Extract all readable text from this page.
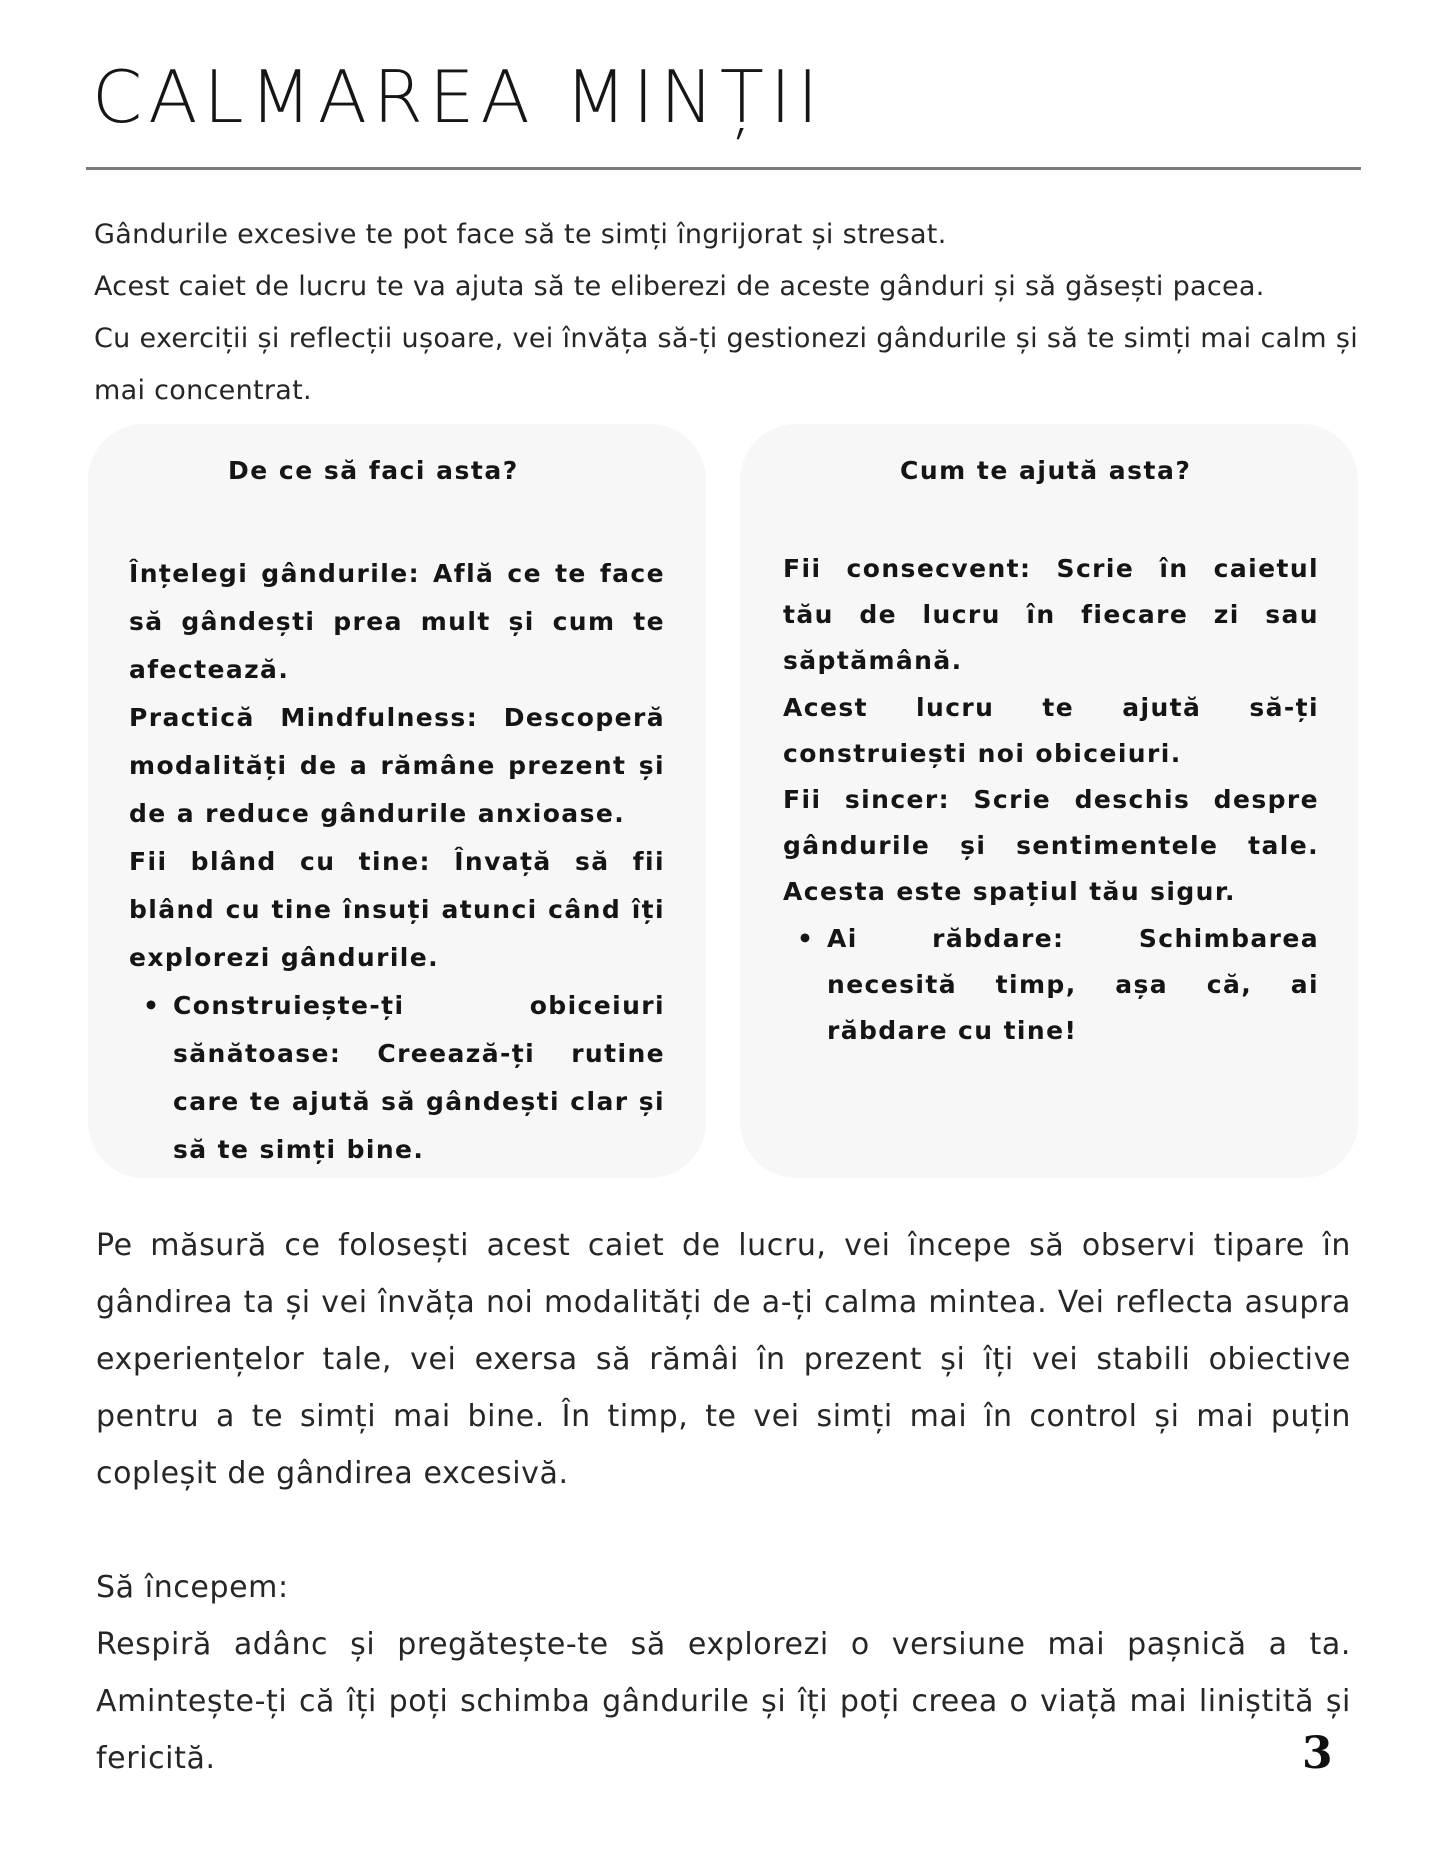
CALMAREA MINȚII

Gândurile excesive te pot face să te simți îngrijorat și stresat.

Acest caiet de lucru te va ajuta să te eliberezi de aceste gânduri și să găsești pacea.

Cu exerciții și reflecții ușoare, vei învăța să-ți gestionezi gândurile și să te simți mai calm și mai concentrat.

De ce să faci asta?

Înțelegi gândurile: Află ce te face să gândești prea mult și cum te afectează.

Practică Mindfulness: Descoperă modalități de a rămâne prezent și de a reduce gândurile anxioase.

Fii blând cu tine: Învață să fii blând cu tine însuți atunci când îți explorezi gândurile.

• Construiește-ți obiceiuri sănătoase: Creează-ți rutine care te ajută să gândești clar și să te simți bine.
Cum te ajută asta?

Fii consecvent: Scrie în caietul tău de lucru în fiecare zi sau săptămână.

Acest lucru te ajută să-ți construiești noi obiceiuri.

Fii sincer: Scrie deschis despre gândurile și sentimentele tale. Acesta este spațiul tău sigur.

• Ai răbdare: Schimbarea necesită timp, așa că, ai răbdare cu tine!

Pe măsură ce folosești acest caiet de lucru, vei începe să observi tipare în gândirea ta și vei învăța noi modalități de a-ți calma mintea. Vei reflecta asupra experiențelor tale, vei exersa să rămâi în prezent și îți vei stabili obiective pentru a te simți mai bine. În timp, te vei simți mai în control și mai puțin copleșit de gândirea excesivă.

Să începem:

Respiră adânc și pregătește-te să explorezi o versiune mai pașnică a ta. Amintește-ți că îți poți schimba gândurile și îți poți creea o viață mai liniștită și fericită.	3
